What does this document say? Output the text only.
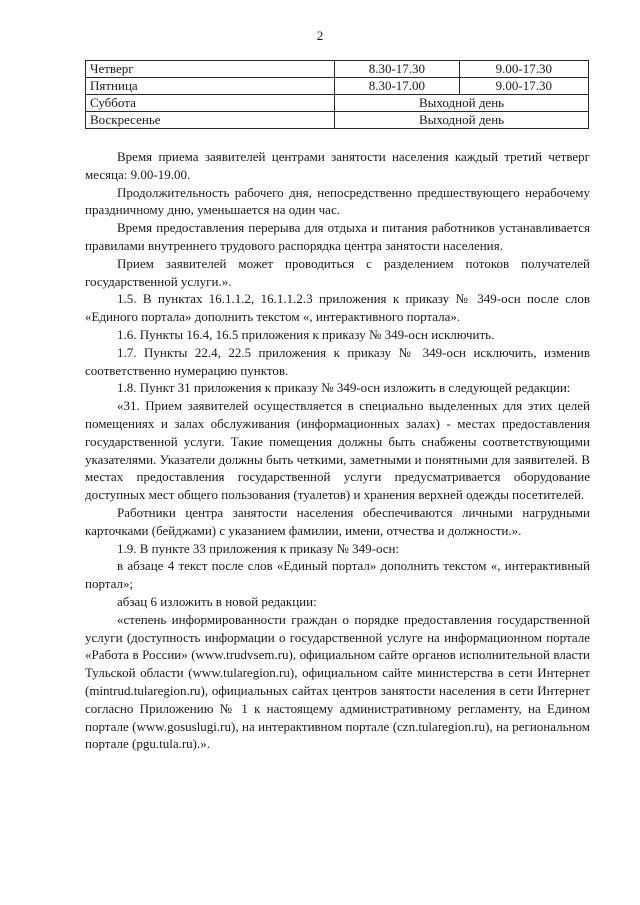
2
Четверг	8.30-17.30	9.00-17.30
Пятница	8.30-17.00	9.00-17.30
Суббота	Выходной день	
Воскресенье	Выходной день	

Время приема заявителей центрами занятости населения каждый третий четверг месяца: 9.00-19.00.

Продолжительность рабочего дня, непосредственно предшествующего нерабочему праздничному дню, уменьшается на один час.

Время предоставления перерыва для отдыха и питания работников устанавливается правилами внутреннего трудового распорядка центра занятости населения.

Прием заявителей может проводиться с разделением потоков получателей государственной услуги.».

1.5. В пунктах 16.1.1.2, 16.1.1.2.3 приложения к приказу № 349-осн после слов «Единого портала» дополнить текстом «, интерактивного портала».

1.6. Пункты 16.4, 16.5 приложения к приказу № 349-осн исключить.

1.7. Пункты 22.4, 22.5 приложения к приказу № 349-осн исключить, изменив соответственно нумерацию пунктов.

1.8. Пункт 31 приложения к приказу № 349-осн изложить в следующей редакции:

«31. Прием заявителей осуществляется в специально выделенных для этих целей помещениях и залах обслуживания (информационных залах) - местах предоставления государственной услуги. Такие помещения должны быть снабжены соответствующими указателями. Указатели должны быть четкими, заметными и понятными для заявителей. В местах предоставления государственной услуги предусматривается оборудование доступных мест общего пользования (туалетов) и хранения верхней одежды посетителей.

Работники центра занятости населения обеспечиваются личными нагрудными карточками (бейджами) с указанием фамилии, имени, отчества и должности.».

1.9. В пункте 33 приложения к приказу № 349-осн:

в абзаце 4 текст после слов «Единый портал» дополнить текстом «, интерактивный портал»;

абзац 6 изложить в новой редакции:

«степень информированности граждан о порядке предоставления государственной услуги (доступность информации о государственной услуге на информационном портале «Работа в России» (www.trudvsem.ru), официальном сайте органов исполнительной власти Тульской области (www.tularegion.ru), официальном сайте министерства в сети Интернет (mintrud.tularegion.ru), официальных сайтах центров занятости населения в сети Интернет согласно Приложению № 1 к настоящему административному регламенту, на Едином портале (www.gosuslugi.ru), на интерактивном портале (czn.tularegion.ru), на региональном портале (pgu.tula.ru).».
